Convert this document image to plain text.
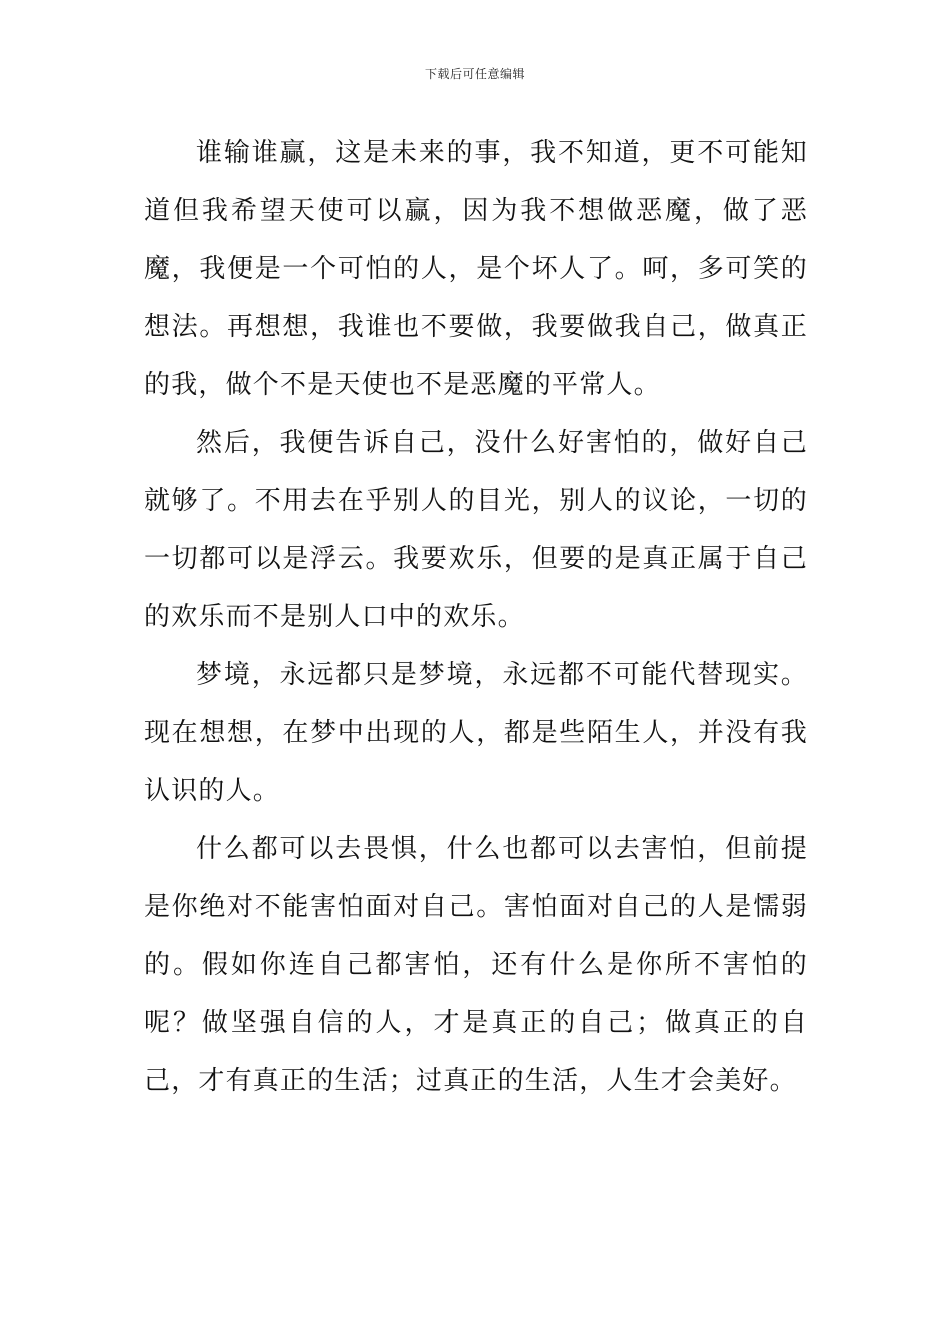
下载后可任意编辑

谁输谁赢，这是未来的事，我不知道，更不可能知道但我希望天使可以赢，因为我不想做恶魔，做了恶魔，我便是一个可怕的人，是个坏人了。呵，多可笑的想法。再想想，我谁也不要做，我要做我自己，做真正的我，做个不是天使也不是恶魔的平常人。

然后，我便告诉自己，没什么好害怕的，做好自己就够了。不用去在乎别人的目光，别人的议论，一切的一切都可以是浮云。我要欢乐，但要的是真正属于自己的欢乐而不是别人口中的欢乐。

梦境，永远都只是梦境，永远都不可能代替现实。现在想想，在梦中出现的人，都是些陌生人，并没有我认识的人。

什么都可以去畏惧，什么也都可以去害怕，但前提是你绝对不能害怕面对自己。害怕面对自己的人是懦弱的。假如你连自己都害怕，还有什么是你所不害怕的呢？做坚强自信的人，才是真正的自己；做真正的自己，才有真正的生活；过真正的生活，人生才会美好。
